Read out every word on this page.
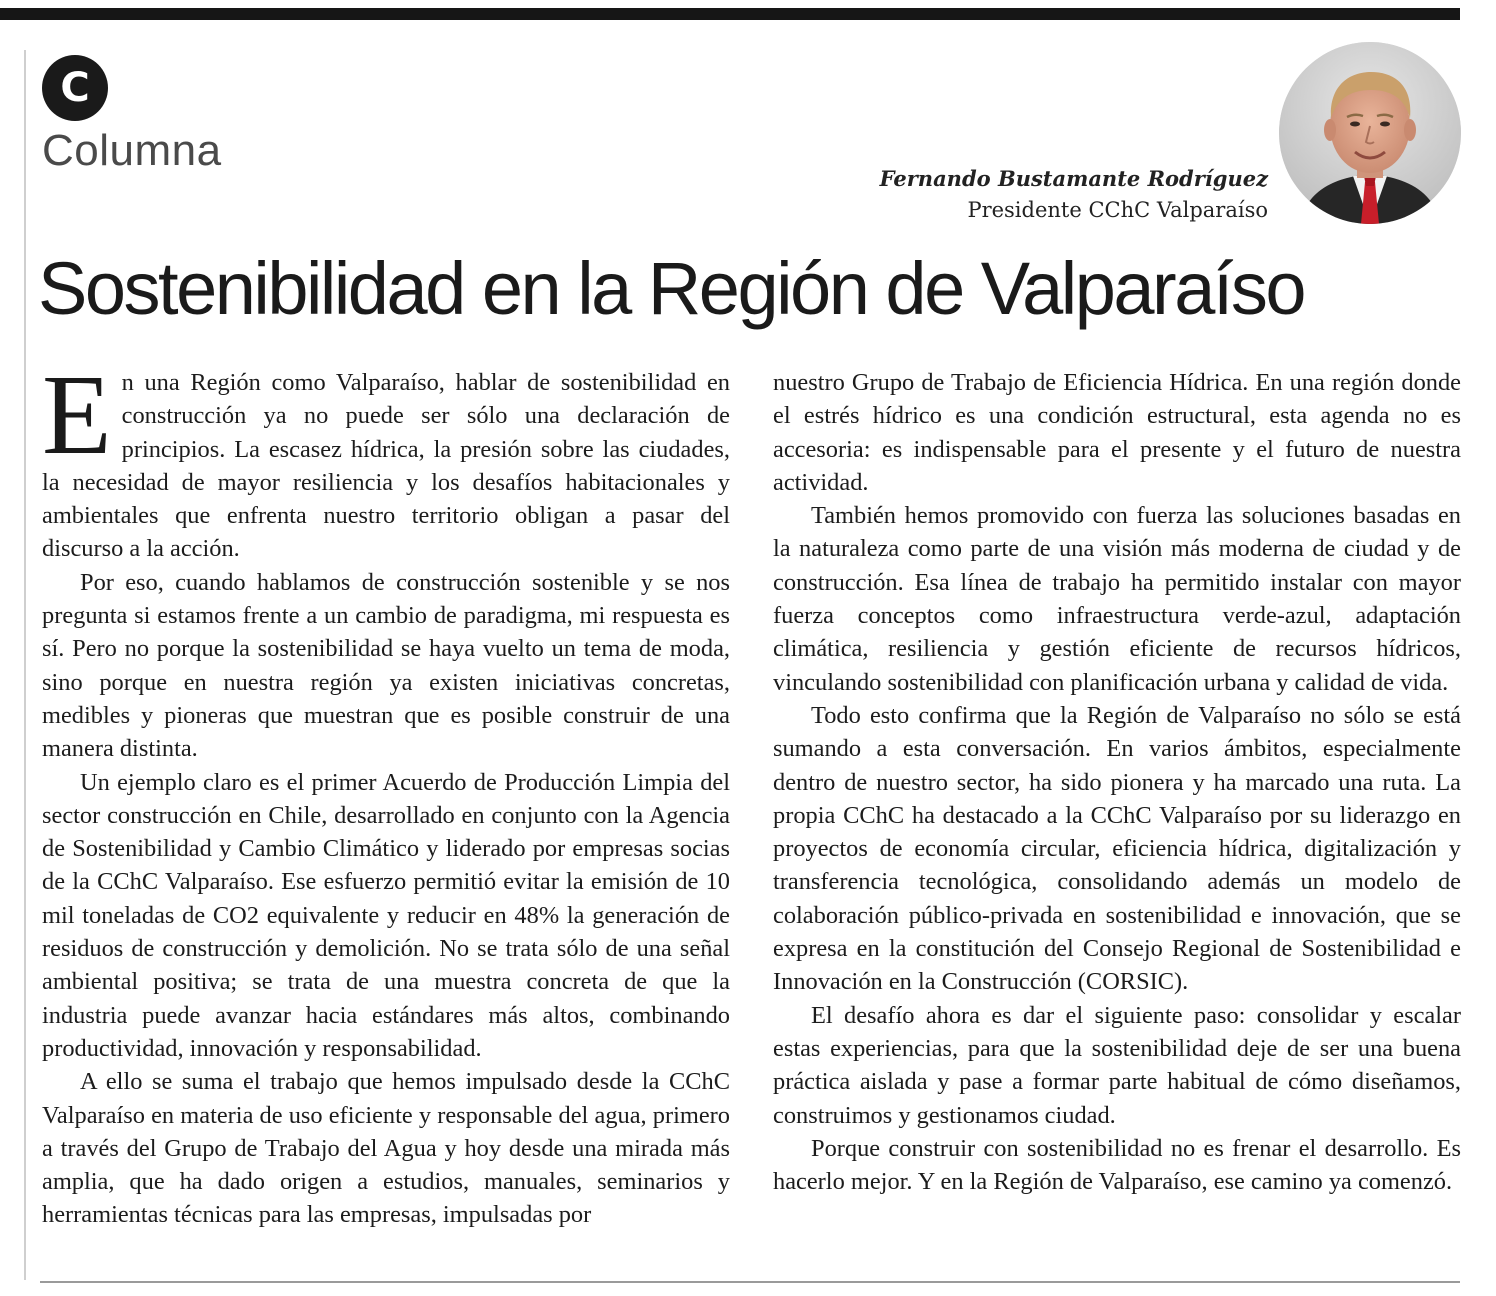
C
Columna
Fernando Bustamante Rodríguez
Presidente CChC Valparaíso
Sostenibilidad en la Región de Valparaíso

En una Región como Valparaíso, hablar de sostenibilidad en construcción ya no puede ser sólo una declaración de principios. La escasez hídrica, la presión sobre las ciudades, la necesidad de mayor resiliencia y los desafíos habitacionales y ambientales que enfrenta nuestro territorio obligan a pasar del discurso a la acción.

Por eso, cuando hablamos de construcción sostenible y se nos pregunta si estamos frente a un cambio de paradigma, mi respuesta es sí. Pero no porque la sostenibilidad se haya vuelto un tema de moda, sino porque en nuestra región ya existen iniciativas concretas, medibles y pioneras que muestran que es posible construir de una manera distinta.

Un ejemplo claro es el primer Acuerdo de Producción Limpia del sector construcción en Chile, desarrollado en conjunto con la Agencia de Sostenibilidad y Cambio Climático y liderado por empresas socias de la CChC Valparaíso. Ese esfuerzo permitió evitar la emisión de 10 mil toneladas de CO2 equivalente y reducir en 48% la generación de residuos de construcción y demolición. No se trata sólo de una señal ambiental positiva; se trata de una muestra concreta de que la industria puede avanzar hacia estándares más altos, combinando productividad, innovación y responsabilidad.

A ello se suma el trabajo que hemos impulsado desde la CChC Valparaíso en materia de uso eficiente y responsable del agua, primero a través del Grupo de Trabajo del Agua y hoy desde una mirada más amplia, que ha dado origen a estudios, manuales, seminarios y herramientas técnicas para las empresas, impulsadas por

nuestro Grupo de Trabajo de Eficiencia Hídrica. En una región donde el estrés hídrico es una condición estructural, esta agenda no es accesoria: es indispensable para el presente y el futuro de nuestra actividad.

También hemos promovido con fuerza las soluciones basadas en la naturaleza como parte de una visión más moderna de ciudad y de construcción. Esa línea de trabajo ha permitido instalar con mayor fuerza conceptos como infraestructura verde-azul, adaptación climática, resiliencia y gestión eficiente de recursos hídricos, vinculando sostenibilidad con planificación urbana y calidad de vida.

Todo esto confirma que la Región de Valparaíso no sólo se está sumando a esta conversación. En varios ámbitos, especialmente dentro de nuestro sector, ha sido pionera y ha marcado una ruta. La propia CChC ha destacado a la CChC Valparaíso por su liderazgo en proyectos de economía circular, eficiencia hídrica, digitalización y transferencia tecnológica, consolidando además un modelo de colaboración público-privada en sostenibilidad e innovación, que se expresa en la constitución del Consejo Regional de Sostenibilidad e Innovación en la Construcción (CORSIC).

El desafío ahora es dar el siguiente paso: consolidar y escalar estas experiencias, para que la sostenibilidad deje de ser una buena práctica aislada y pase a formar parte habitual de cómo diseñamos, construimos y gestionamos ciudad.

Porque construir con sostenibilidad no es frenar el desarrollo. Es hacerlo mejor. Y en la Región de Valparaíso, ese camino ya comenzó.
